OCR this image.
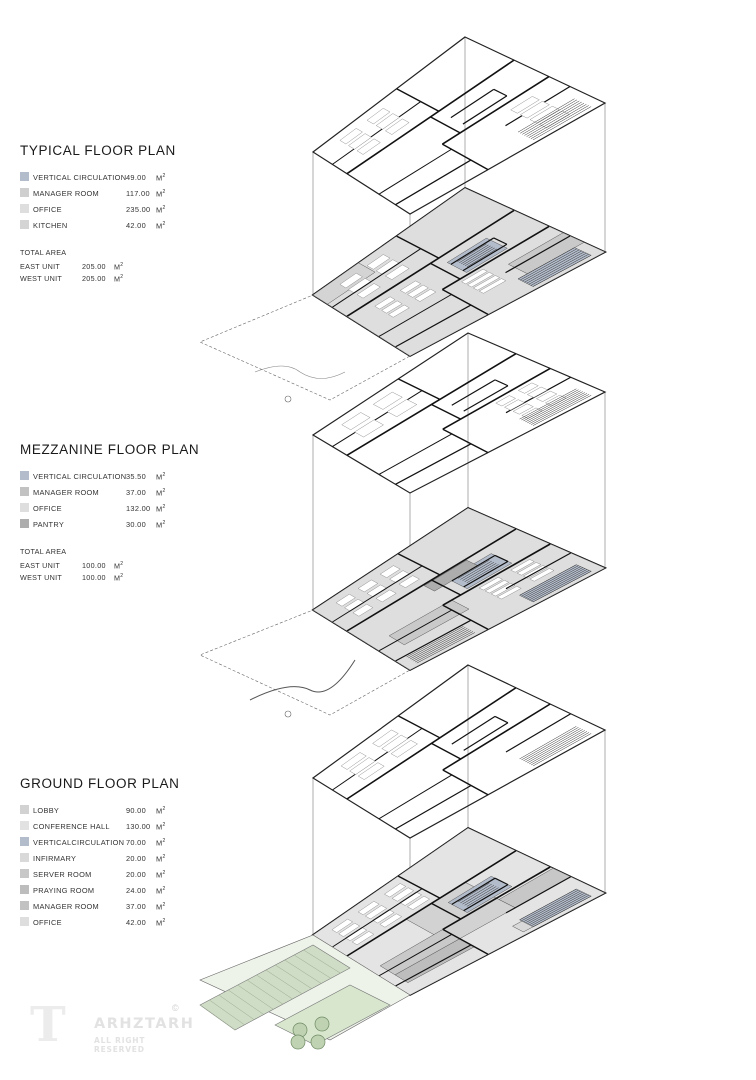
TYPICAL FLOOR PLAN
VERTICAL CIRCULATION 49.00 $M^2$
MANAGER ROOM	117.00 $M^2$
OFFICE	235.00 $M^2$
KITCHEN	42.00 $M^2$
TOTAL AREA
EAST UNIT	205.00 $M^2$
WEST UNIT	205.00 $M^2$
MEZZANINE FLOOR PLAN
VERTICAL CIRCULATION 35.50 $M^2$
MANAGER ROOM	37.00 $M^2$
OFFICE	132.00 $M^2$
PANTRY	30.00 $M^2$
TOTAL AREA
EAST UNIT	100.00 $M^2$
WEST UNIT	100.00 $M^2$
GROUND FLOOR PLAN
LOBBY	90.00 $M^2$
CONFERENCE HALL 130.00 $M^2$
VERTICALCIRCULATION 70.00 $M^2$
INFIRMARY	20.00 $M^2$
SERVER ROOM	20.00 $M^2$
PRAYING ROOM	24.00 $M^2$
MANAGER ROOM	37.00 $M^2$
OFFICE	42.00 $M^2$
T ARHZTARH
ALL RIGHT RESERVED
©
